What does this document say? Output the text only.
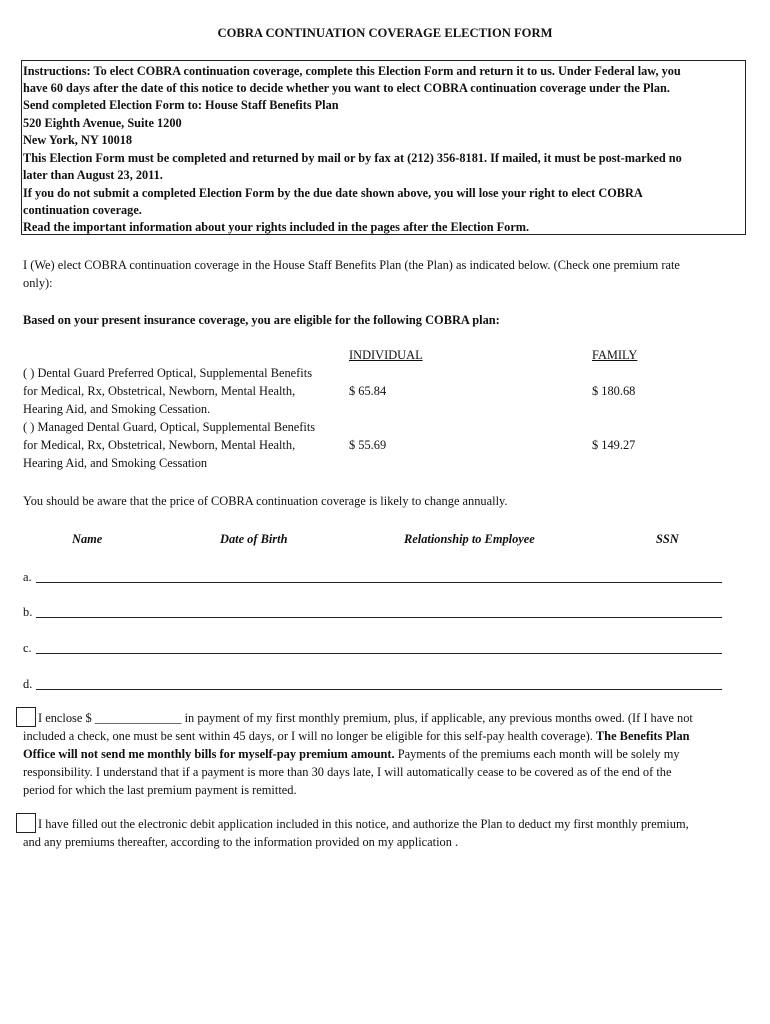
COBRA CONTINUATION COVERAGE ELECTION FORM
Instructions: To elect COBRA continuation coverage, complete this Election Form and return it to us. Under Federal law, you
have 60 days after the date of this notice to decide whether you want to elect COBRA continuation coverage under the Plan.
Send completed Election Form to: House Staff Benefits Plan
520 Eighth Avenue, Suite 1200
New York, NY 10018
This Election Form must be completed and returned by mail or by fax at (212) 356-8181. If mailed, it must be post-marked no
later than August 23, 2011.
If you do not submit a completed Election Form by the due date shown above, you will lose your right to elect COBRA
continuation coverage.
Read the important information about your rights included in the pages after the Election Form.
I (We) elect COBRA continuation coverage in the House Staff Benefits Plan (the Plan) as indicated below. (Check one premium rate
only):
Based on your present insurance coverage, you are eligible for the following COBRA plan:
INDIVIDUAL	FAMILY
( ) Dental Guard Preferred Optical, Supplemental Benefits
for Medical, Rx, Obstetrical, Newborn, Mental Health,
Hearing Aid, and Smoking Cessation.
$ 65.84	$ 180.68
( ) Managed Dental Guard, Optical, Supplemental Benefits
for Medical, Rx, Obstetrical, Newborn, Mental Health,
Hearing Aid, and Smoking Cessation
$ 55.69	$ 149.27
You should be aware that the price of COBRA continuation coverage is likely to change annually.
Name	Date of Birth	Relationship to Employee	SSN
a.
b.
c.
d.
I enclose $ ______________ in payment of my first monthly premium, plus, if applicable, any previous months owed. (If I have not
included a check, one must be sent within 45 days, or I will no longer be eligible for this self-pay health coverage). The Benefits Plan
Office will not send me monthly bills for myself-pay premium amount. Payments of the premiums each month will be solely my
responsibility. I understand that if a payment is more than 30 days late, I will automatically cease to be covered as of the end of the
period for which the last premium payment is remitted.
I have filled out the electronic debit application included in this notice, and authorize the Plan to deduct my first monthly premium,
and any premiums thereafter, according to the information provided on my application .
